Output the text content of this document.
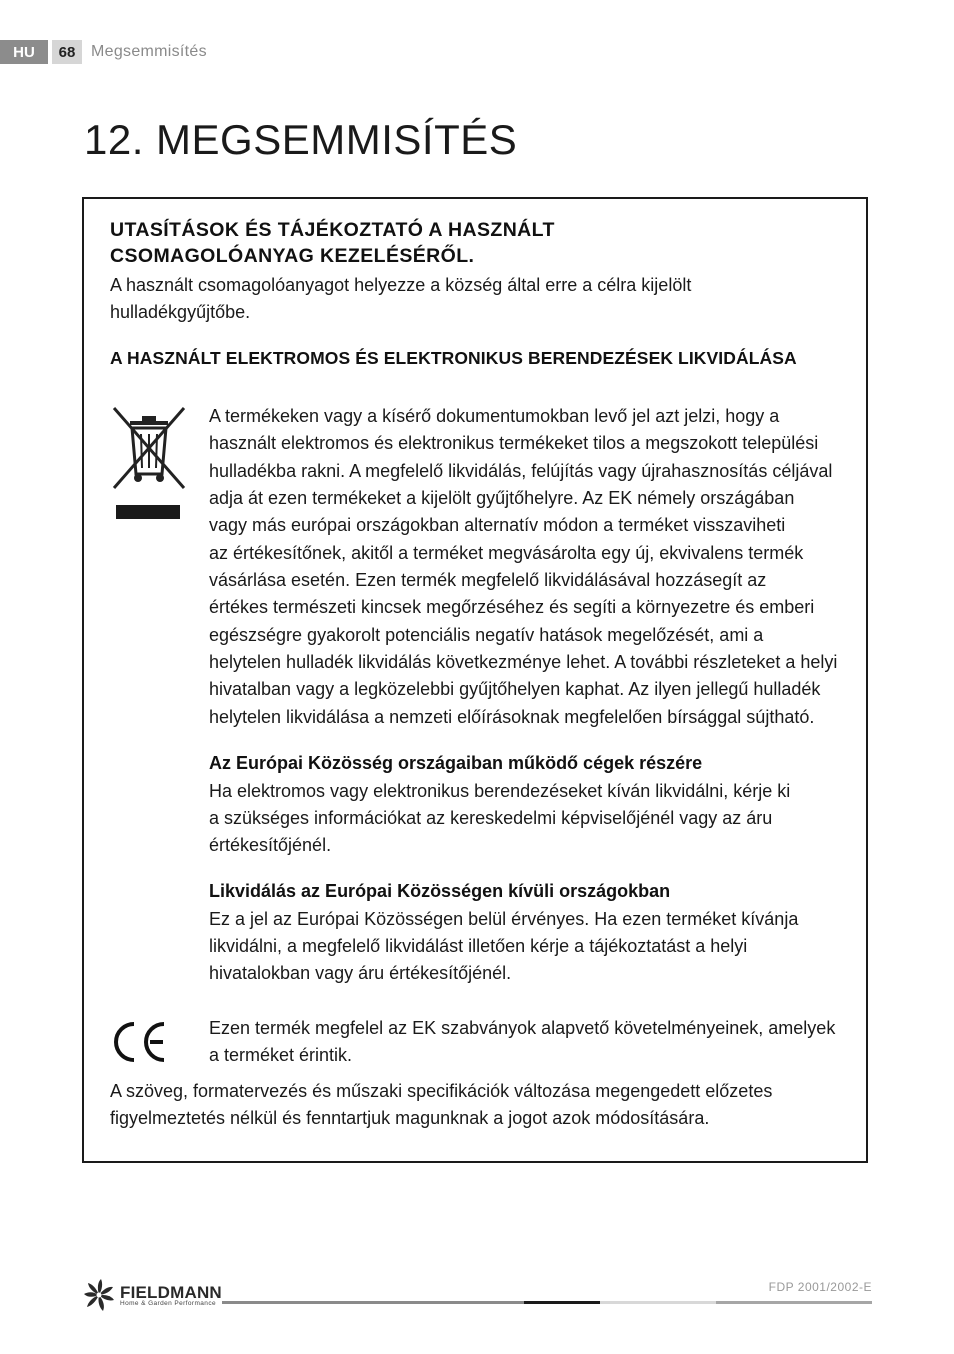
HU	68 Megsemmisítés
12. MEGSEMMISÍTÉS

UTASÍTÁSOK ÉS TÁJÉKOZTATÓ A HASZNÁLT

CSOMAGOLÓANYAG KEZELÉSÉRŐL.

A használt csomagolóanyagot helyezze a község által erre a célra kijelölt

hulladékgyűjtőbe.

A HASZNÁLT ELEKTROMOS ÉS ELEKTRONIKUS BERENDEZÉSEK LIKVIDÁLÁSA

A termékeken vagy a kísérő dokumentumokban levő jel azt jelzi, hogy a

használt elektromos és elektronikus termékeket tilos a megszokott települési

hulladékba rakni. A megfelelő likvidálás, felújítás vagy újrahasznosítás céljával

adja át ezen termékeket a kijelölt gyűjtőhelyre. Az EK némely országában

vagy más európai országokban alternatív módon a terméket visszaviheti

az értékesítőnek, akitől a terméket megvásárolta egy új, ekvivalens termék

vásárlása esetén. Ezen termék megfelelő likvidálásával hozzásegít az

értékes természeti kincsek megőrzéséhez és segíti a környezetre és emberi

egészségre gyakorolt potenciális negatív hatások megelőzését, ami a

helytelen hulladék likvidálás következménye lehet. A további részleteket a helyi

hivatalban vagy a legközelebbi gyűjtőhelyen kaphat. Az ilyen jellegű hulladék

helytelen likvidálása a nemzeti előírásoknak megfelelően bírsággal sújtható.

Az Európai Közösség országaiban működő cégek részére

Ha elektromos vagy elektronikus berendezéseket kíván likvidálni, kérje ki

a szükséges információkat az kereskedelmi képviselőjénél vagy az áru

értékesítőjénél.

Likvidálás az Európai Közösségen kívüli országokban

Ez a jel az Európai Közösségen belül érvényes. Ha ezen terméket kívánja

likvidálni, a megfelelő likvidálást illetően kérje a tájékoztatást a helyi

hivatalokban vagy áru értékesítőjénél.

Ezen termék megfelel az EK szabványok alapvető követelményeinek, amelyek

a terméket érintik.

A szöveg, formatervezés és műszaki specifikációk változása megengedett előzetes

figyelmeztetés nélkül és fenntartjuk magunknak a jogot azok módosítására.

FIELDMANN
Home & Garden Performance
FDP 2001/2002-E
